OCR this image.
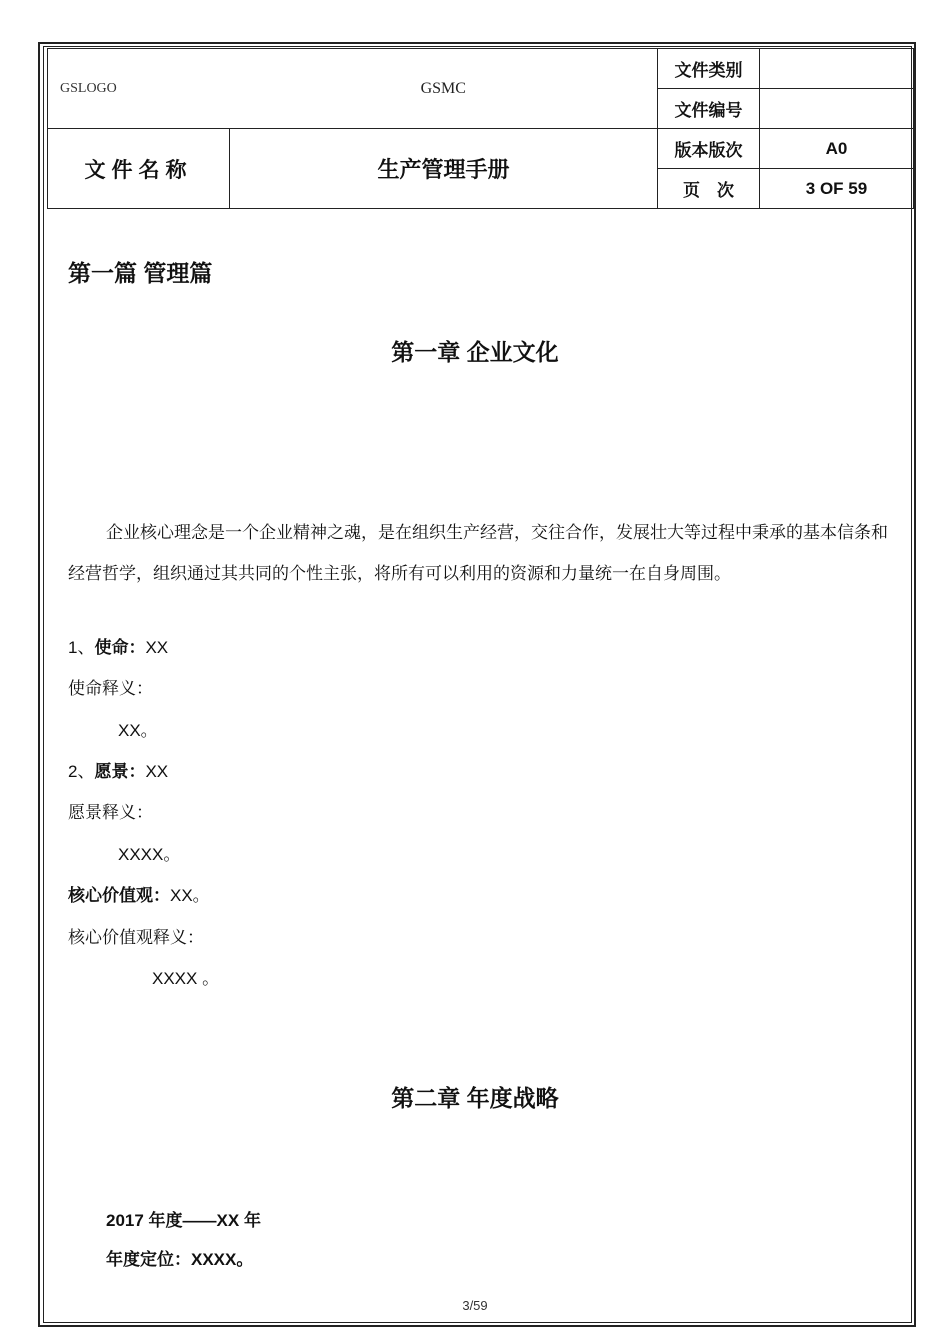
GSLOGO	GSMC	文件类别	
		文件编号	
文件名称	生产管理手册	版本版次	A0
		页　次	3 OF 59
第一篇 管理篇
第一章 企业文化
企业核心理念是一个企业精神之魂，是在组织生产经营，交往合作，发展壮大等过程中秉承的基本信条和经营哲学，组织通过其共同的个性主张，将所有可以利用的资源和力量统一在自身周围。
1、使命：XX
使命释义：
XX。
2、愿景：XX
愿景释义：
XXXX。
核心价值观：XX。
核心价值观释义：
XXXX 。
第二章 年度战略
2017 年度——XX 年
年度定位：XXXX。
3/59
